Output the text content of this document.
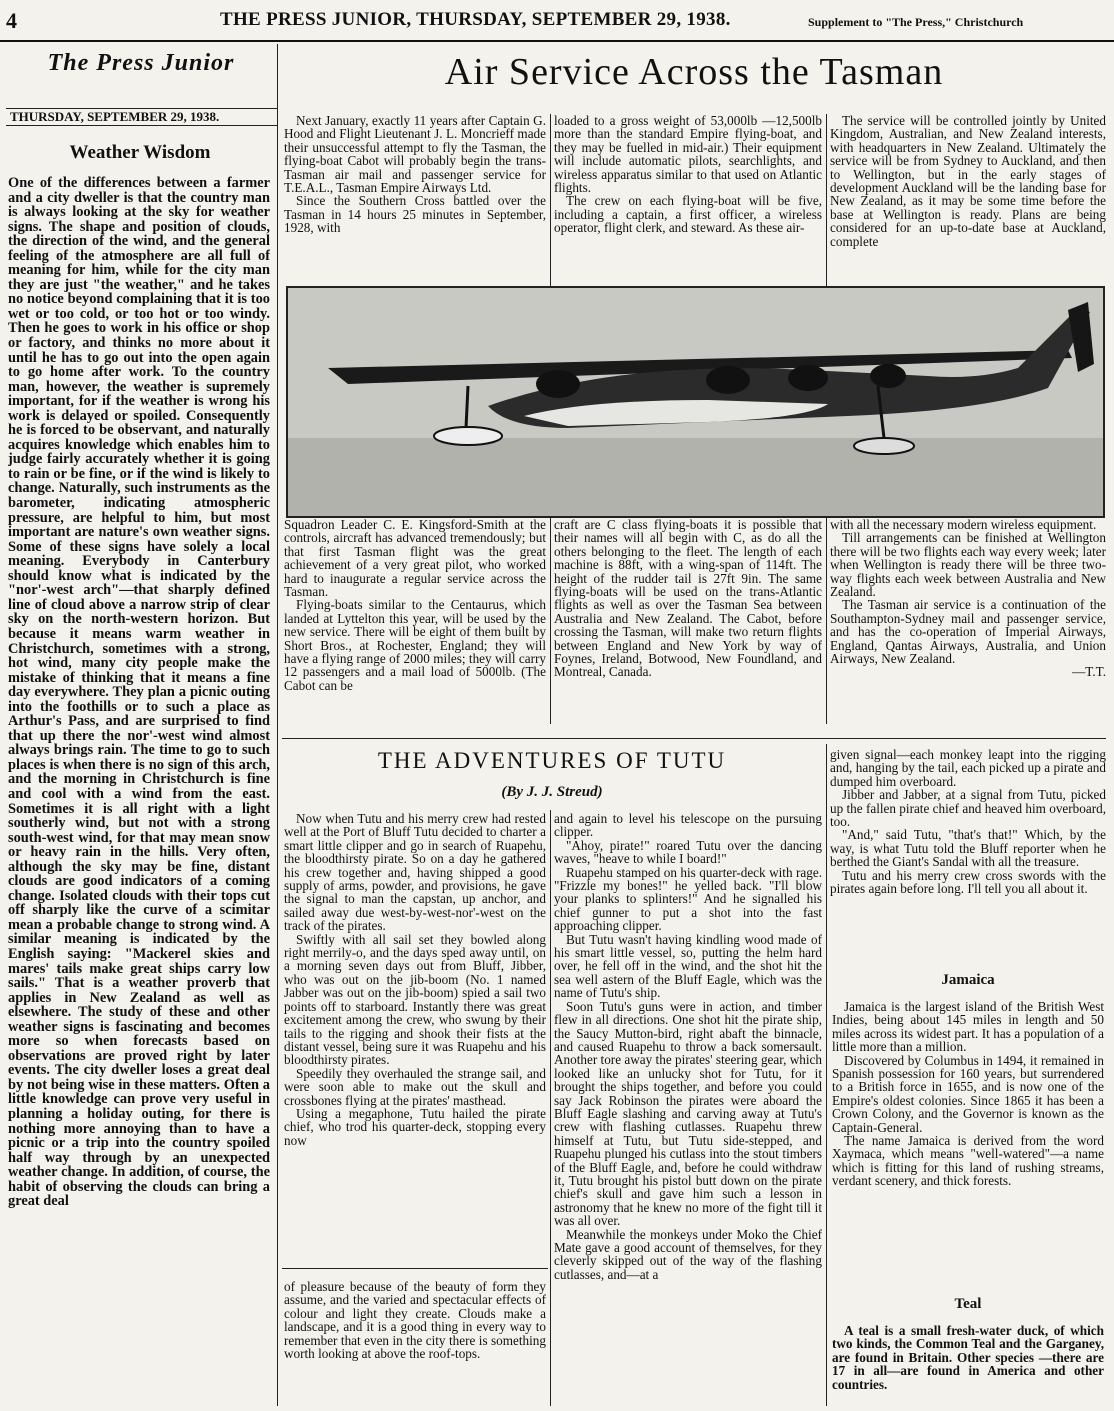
4	THE PRESS JUNIOR, THURSDAY, SEPTEMBER 29, 1938.	Supplement to "The Press," Christchurch
The Press Junior
THURSDAY, SEPTEMBER 29, 1938.
Weather Wisdom

One of the differences between a farmer and a city dweller is that the country man is always looking at the sky for weather signs. The shape and position of clouds, the direction of the wind, and the general feeling of the atmosphere are all full of meaning for him, while for the city man they are just "the weather," and he takes no notice beyond complaining that it is too wet or too cold, or too hot or too windy. Then he goes to work in his office or shop or factory, and thinks no more about it until he has to go out into the open again to go home after work. To the country man, however, the weather is supremely important, for if the weather is wrong his work is delayed or spoiled. Consequently he is forced to be observant, and naturally acquires knowledge which enables him to judge fairly accurately whether it is going to rain or be fine, or if the wind is likely to change. Naturally, such instruments as the barometer, indicating atmospheric pressure, are helpful to him, but most important are nature's own weather signs. Some of these signs have solely a local meaning. Everybody in Canterbury should know what is indicated by the "nor'-west arch"—that sharply defined line of cloud above a narrow strip of clear sky on the north-western horizon. But because it means warm weather in Christchurch, sometimes with a strong, hot wind, many city people make the mistake of thinking that it means a fine day everywhere. They plan a picnic outing into the foothills or to such a place as Arthur's Pass, and are surprised to find that up there the nor'-west wind almost always brings rain. The time to go to such places is when there is no sign of this arch, and the morning in Christchurch is fine and cool with a wind from the east. Sometimes it is all right with a light southerly wind, but not with a strong south-west wind, for that may mean snow or heavy rain in the hills. Very often, although the sky may be fine, distant clouds are good indicators of a coming change. Isolated clouds with their tops cut off sharply like the curve of a scimitar mean a probable change to strong wind. A similar meaning is indicated by the English saying: "Mackerel skies and mares' tails make great ships carry low sails." That is a weather proverb that applies in New Zealand as well as elsewhere. The study of these and other weather signs is fascinating and becomes more so when forecasts based on observations are proved right by later events. The city dweller loses a great deal by not being wise in these matters. Often a little knowledge can prove very useful in planning a holiday outing, for there is nothing more annoying than to have a picnic or a trip into the country spoiled half way through by an unexpected weather change. In addition, of course, the habit of observing the clouds can bring a great deal

Air Service Across the Tasman

Next January, exactly 11 years after Captain G. Hood and Flight Lieutenant J. L. Moncrieff made their unsuccessful attempt to fly the Tasman, the flying-boat Cabot will probably begin the trans-Tasman air mail and passenger service for T.E.A.L., Tasman Empire Airways Ltd.

Since the Southern Cross battled over the Tasman in 14 hours 25 minutes in September, 1928, with

loaded to a gross weight of 53,000lb —12,500lb more than the standard Empire flying-boat, and they may be fuelled in mid-air.) Their equipment will include automatic pilots, searchlights, and wireless apparatus similar to that used on Atlantic flights.

The crew on each flying-boat will be five, including a captain, a first officer, a wireless operator, flight clerk, and steward. As these air-

The service will be controlled jointly by United Kingdom, Australian, and New Zealand interests, with headquarters in New Zealand. Ultimately the service will be from Sydney to Auckland, and then to Wellington, but in the early stages of development Auckland will be the landing base for New Zealand, as it may be some time before the base at Wellington is ready. Plans are being considered for an up-to-date base at Auckland, complete

Squadron Leader C. E. Kingsford-Smith at the controls, aircraft has advanced tremendously; but that first Tasman flight was the great achievement of a very great pilot, who worked hard to inaugurate a regular service across the Tasman.

Flying-boats similar to the Centaurus, which landed at Lyttelton this year, will be used by the new service. There will be eight of them built by Short Bros., at Rochester, England; they will have a flying range of 2000 miles; they will carry 12 passengers and a mail load of 5000lb. (The Cabot can be

craft are C class flying-boats it is possible that their names will all begin with C, as do all the others belonging to the fleet. The length of each machine is 88ft, with a wing-span of 114ft. The height of the rudder tail is 27ft 9in. The same flying-boats will be used on the trans-Atlantic flights as well as over the Tasman Sea between Australia and New Zealand. The Cabot, before crossing the Tasman, will make two return flights between England and New York by way of Foynes, Ireland, Botwood, New Foundland, and Montreal, Canada.

with all the necessary modern wireless equipment.

Till arrangements can be finished at Wellington there will be two flights each way every week; later when Wellington is ready there will be three two-way flights each week between Australia and New Zealand.

The Tasman air service is a continuation of the Southampton-Sydney mail and passenger service, and has the co-operation of Imperial Airways, England, Qantas Airways, Australia, and Union Airways, New Zealand.

—T.T.

THE ADVENTURES OF TUTU
(By J. J. Streud)

Now when Tutu and his merry crew had rested well at the Port of Bluff Tutu decided to charter a smart little clipper and go in search of Ruapehu, the bloodthirsty pirate. So on a day he gathered his crew together and, having shipped a good supply of arms, powder, and provisions, he gave the signal to man the capstan, up anchor, and sailed away due west-by-west-nor'-west on the track of the pirates.

Swiftly with all sail set they bowled along right merrily-o, and the days sped away until, on a morning seven days out from Bluff, Jibber, who was out on the jib-boom (No. 1 named Jabber was out on the jib-boom) spied a sail two points off to starboard. Instantly there was great excitement among the crew, who swung by their tails to the rigging and shook their fists at the distant vessel, being sure it was Ruapehu and his bloodthirsty pirates.

Speedily they overhauled the strange sail, and were soon able to make out the skull and crossbones flying at the pirates' masthead.

Using a megaphone, Tutu hailed the pirate chief, who trod his quarter-deck, stopping every now

of pleasure because of the beauty of form they assume, and the varied and spectacular effects of colour and light they create. Clouds make a landscape, and it is a good thing in every way to remember that even in the city there is something worth looking at above the roof-tops.

and again to level his telescope on the pursuing clipper.

"Ahoy, pirate!" roared Tutu over the dancing waves, "heave to while I board!"

Ruapehu stamped on his quarter-deck with rage. "Frizzle my bones!" he yelled back. "I'll blow your planks to splinters!" And he signalled his chief gunner to put a shot into the fast approaching clipper.

But Tutu wasn't having kindling wood made of his smart little vessel, so, putting the helm hard over, he fell off in the wind, and the shot hit the sea well astern of the Bluff Eagle, which was the name of Tutu's ship.

Soon Tutu's guns were in action, and timber flew in all directions. One shot hit the pirate ship, the Saucy Mutton-bird, right abaft the binnacle, and caused Ruapehu to throw a back somersault. Another tore away the pirates' steering gear, which looked like an unlucky shot for Tutu, for it brought the ships together, and before you could say Jack Robinson the pirates were aboard the Bluff Eagle slashing and carving away at Tutu's crew with flashing cutlasses. Ruapehu threw himself at Tutu, but Tutu side-stepped, and Ruapehu plunged his cutlass into the stout timbers of the Bluff Eagle, and, before he could withdraw it, Tutu brought his pistol butt down on the pirate chief's skull and gave him such a lesson in astronomy that he knew no more of the fight till it was all over.

Meanwhile the monkeys under Moko the Chief Mate gave a good account of themselves, for they cleverly skipped out of the way of the flashing cutlasses, and—at a

given signal—each monkey leapt into the rigging and, hanging by the tail, each picked up a pirate and dumped him overboard.

Jibber and Jabber, at a signal from Tutu, picked up the fallen pirate chief and heaved him overboard, too.

"And," said Tutu, "that's that!" Which, by the way, is what Tutu told the Bluff reporter when he berthed the Giant's Sandal with all the treasure.

Tutu and his merry crew cross swords with the pirates again before long. I'll tell you all about it.

Jamaica

Jamaica is the largest island of the British West Indies, being about 145 miles in length and 50 miles across its widest part. It has a population of a little more than a million.

Discovered by Columbus in 1494, it remained in Spanish possession for 160 years, but surrendered to a British force in 1655, and is now one of the Empire's oldest colonies. Since 1865 it has been a Crown Colony, and the Governor is known as the Captain-General.

The name Jamaica is derived from the word Xaymaca, which means "well-watered"—a name which is fitting for this land of rushing streams, verdant scenery, and thick forests.

Teal

A teal is a small fresh-water duck, of which two kinds, the Common Teal and the Garganey, are found in Britain. Other species —there are 17 in all—are found in America and other countries.
